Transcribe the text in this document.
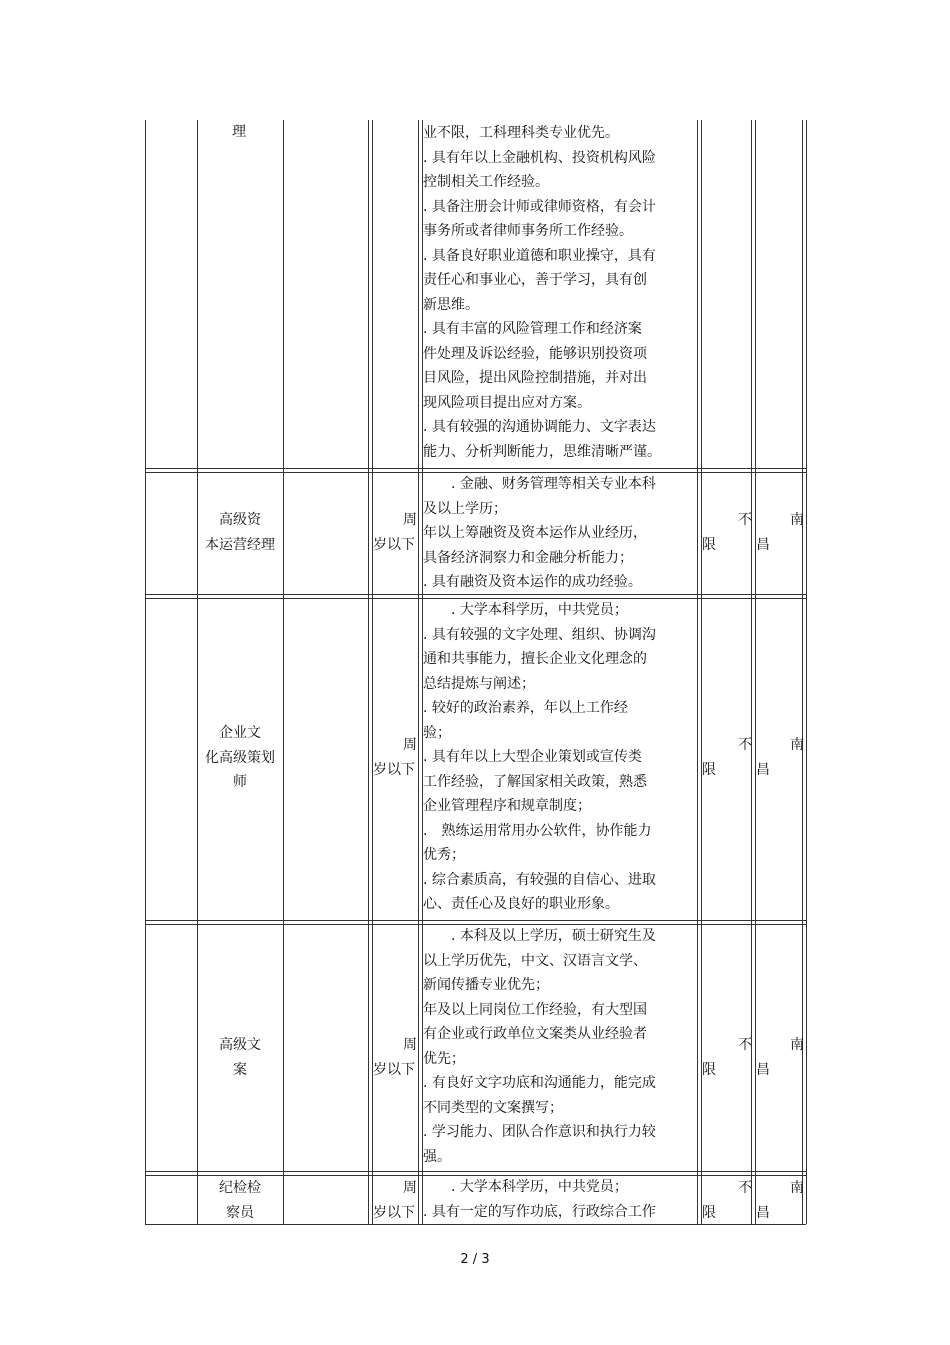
理	业不限，工科理科类专业优先。
. 具有年以上金融机构、投资机构风险
控制相关工作经验。
. 具备注册会计师或律师资格，有会计
事务所或者律师事务所工作经验。
. 具备良好职业道德和职业操守，具有
责任心和事业心，善于学习，具有创
新思维。
. 具有丰富的风险管理工作和经济案
件处理及诉讼经验，能够识别投资项
目风险，提出风险控制措施，并对出
现风险项目提出应对方案。
. 具有较强的沟通协调能力、文字表达
能力、分析判断能力，思维清晰严谨。
高级资
本运营经理
周
岁以下
　　. 金融、财务管理等相关专业本科
及以上学历；
年以上筹融资及资本运作从业经历，
具备经济洞察力和金融分析能力；
. 具有融资及资本运作的成功经验。
不
限
南
昌
企业文
化高级策划
师
周
岁以下
　　. 大学本科学历，中共党员；
. 具有较强的文字处理、组织、协调沟
通和共事能力，擅长企业文化理念的
总结提炼与阐述；
. 较好的政治素养，年以上工作经
验；
. 具有年以上大型企业策划或宣传类
工作经验，了解国家相关政策，熟悉
企业管理程序和规章制度；
.　熟练运用常用办公软件，协作能力
优秀；
. 综合素质高，有较强的自信心、进取
心、责任心及良好的职业形象。
不
限
南
昌
高级文
案
周
岁以下
　　. 本科及以上学历，硕士研究生及
以上学历优先，中文、汉语言文学、
新闻传播专业优先；
年及以上同岗位工作经验，有大型国
有企业或行政单位文案类从业经验者
优先；
. 有良好文字功底和沟通能力，能完成
不同类型的文案撰写；
. 学习能力、团队合作意识和执行力较
强。
不
限
南
昌
纪检检
察员
周
岁以下
　　. 大学本科学历，中共党员；
. 具有一定的写作功底，行政综合工作
不
限
南
昌
2 / 3
